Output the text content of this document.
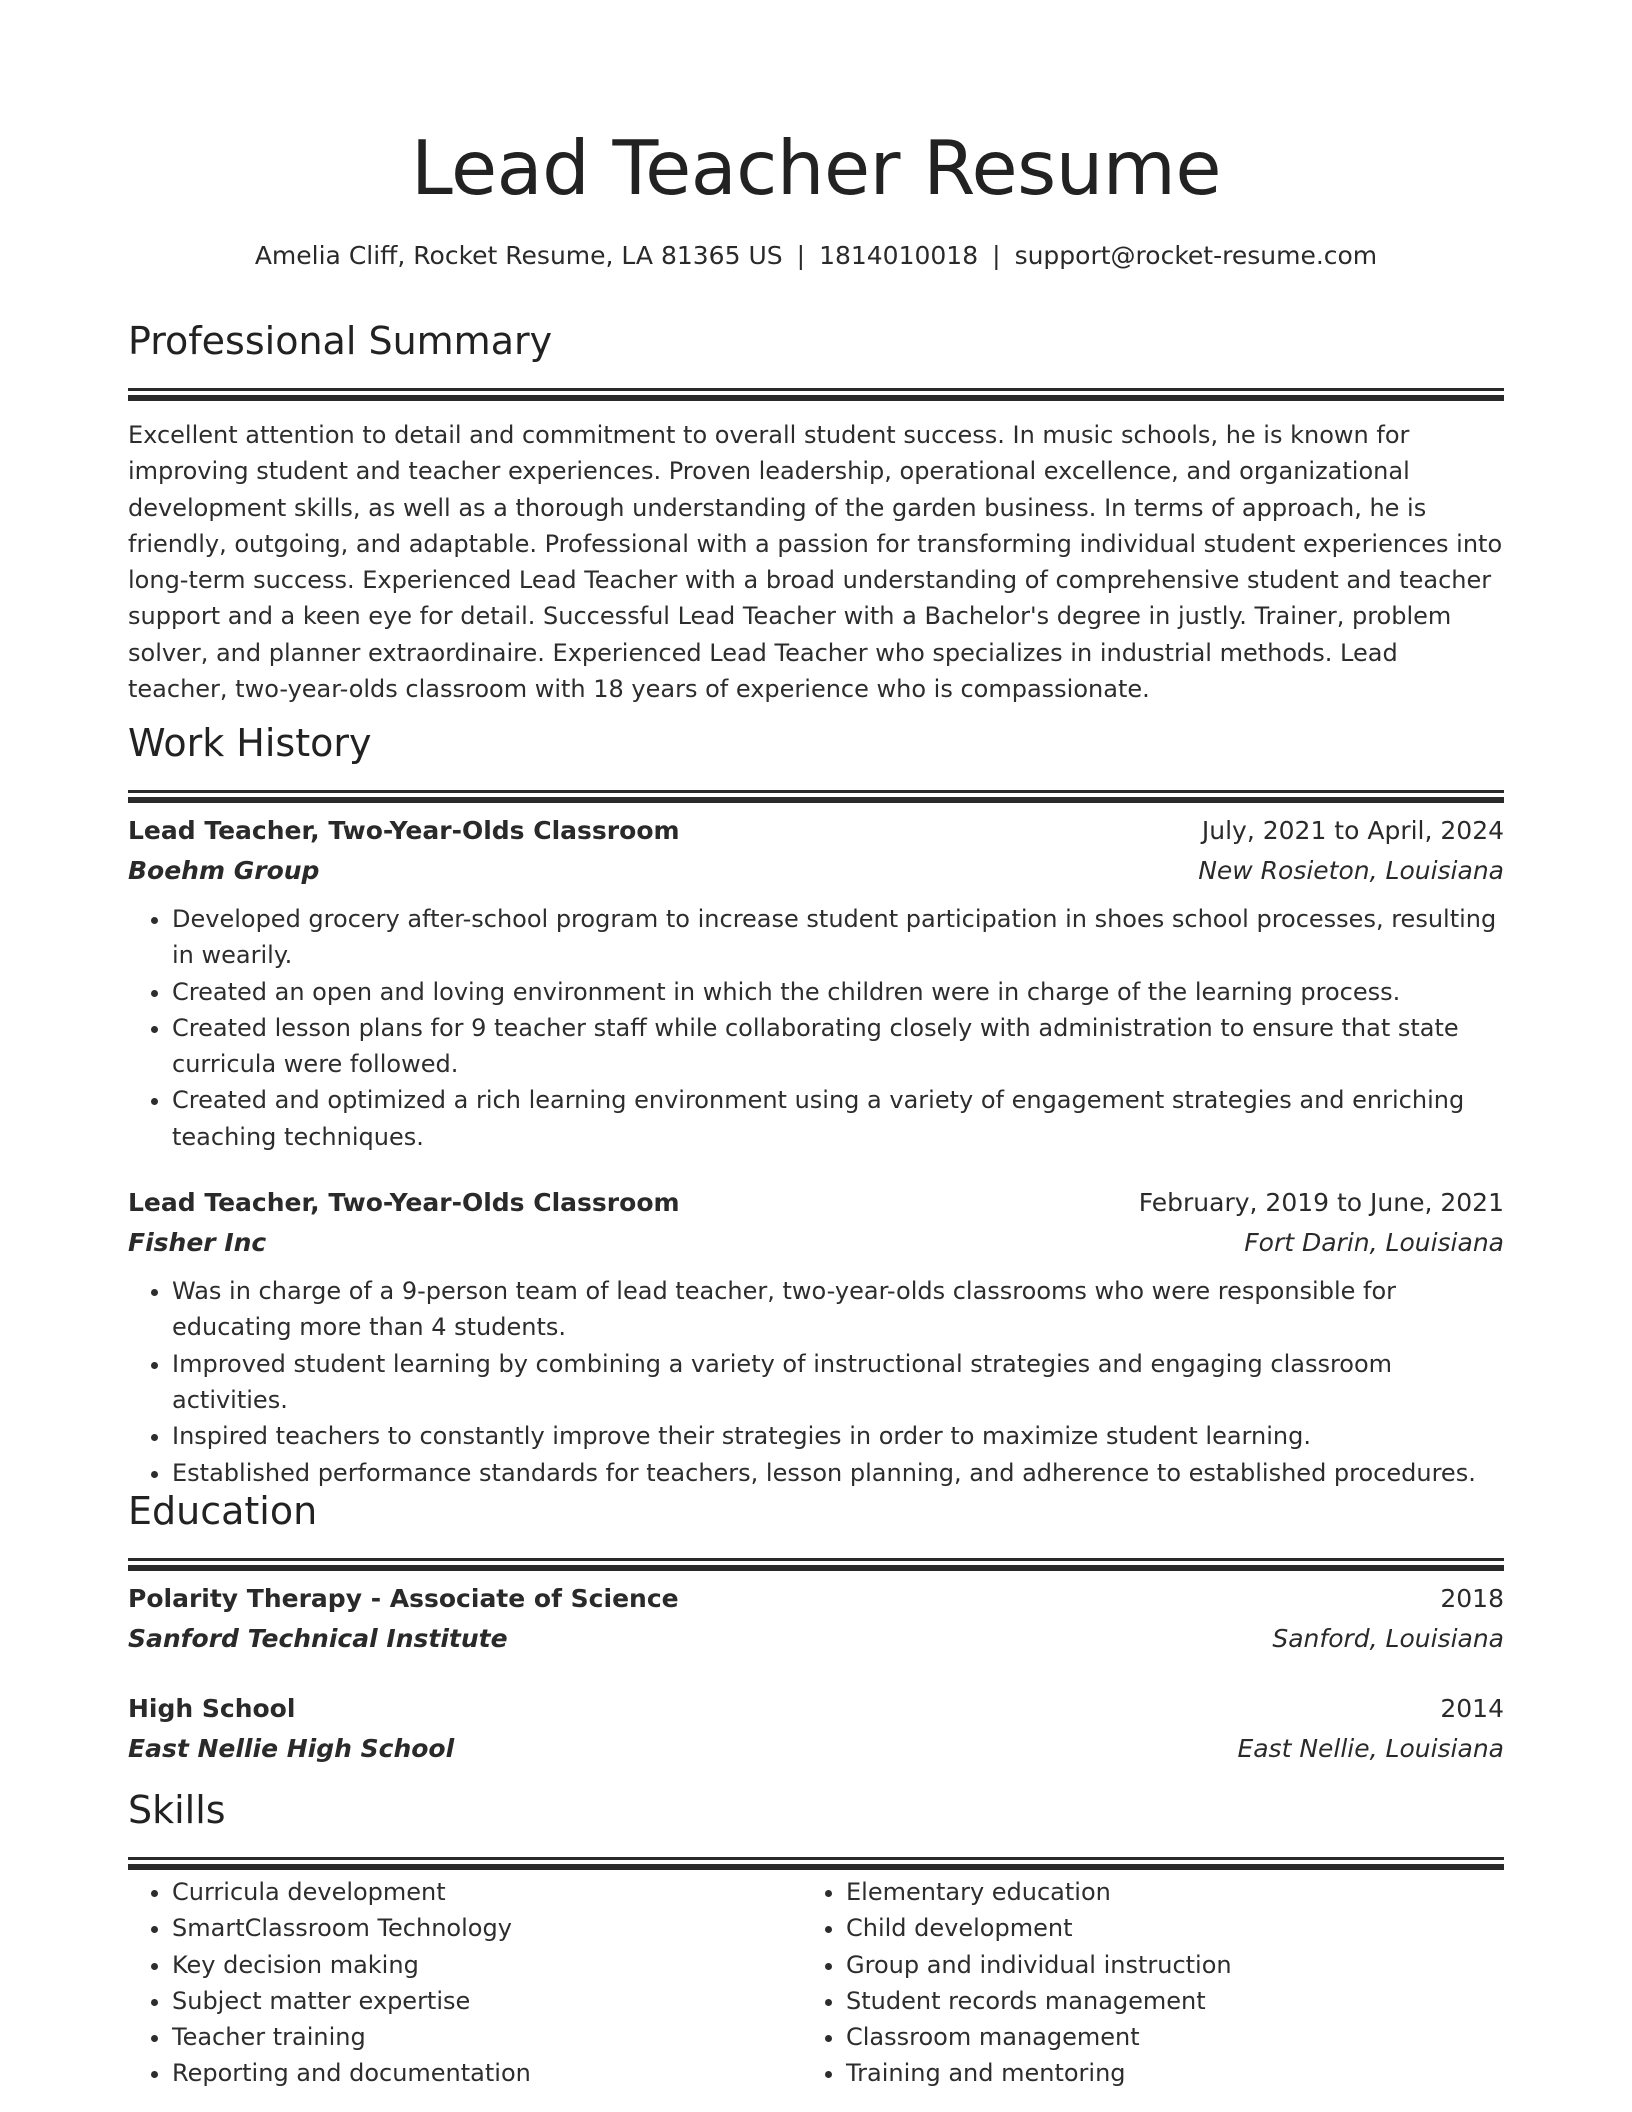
Lead Teacher Resume
Amelia Cliff, Rocket Resume, LA 81365 US | 1814010018 | support@rocket-resume.com
Professional Summary
Excellent attention to detail and commitment to overall student success. In music schools, he is known for improving student and teacher experiences. Proven leadership, operational excellence, and organizational development skills, as well as a thorough understanding of the garden business. In terms of approach, he is friendly, outgoing, and adaptable. Professional with a passion for transforming individual student experiences into long-term success. Experienced Lead Teacher with a broad understanding of comprehensive student and teacher support and a keen eye for detail. Successful Lead Teacher with a Bachelor's degree in justly. Trainer, problem solver, and planner extraordinaire. Experienced Lead Teacher who specializes in industrial methods. Lead teacher, two-year-olds classroom with 18 years of experience who is compassionate.
Work History
Lead Teacher, Two-Year-Olds Classroom	July, 2021 to April, 2024
Boehm Group	New Rosieton, Louisiana
• Developed grocery after-school program to increase student participation in shoes school processes, resulting in wearily.
• Created an open and loving environment in which the children were in charge of the learning process.
• Created lesson plans for 9 teacher staff while collaborating closely with administration to ensure that state curricula were followed.
• Created and optimized a rich learning environment using a variety of engagement strategies and enriching teaching techniques.
Lead Teacher, Two-Year-Olds Classroom	February, 2019 to June, 2021
Fisher Inc	Fort Darin, Louisiana
• Was in charge of a 9-person team of lead teacher, two-year-olds classrooms who were responsible for educating more than 4 students.
• Improved student learning by combining a variety of instructional strategies and engaging classroom activities.
• Inspired teachers to constantly improve their strategies in order to maximize student learning.
• Established performance standards for teachers, lesson planning, and adherence to established procedures.
Education
Polarity Therapy - Associate of Science	2018
Sanford Technical Institute	Sanford, Louisiana
High School	2014
East Nellie High School	East Nellie, Louisiana
Skills
• Curricula development
• SmartClassroom Technology
• Key decision making
• Subject matter expertise
• Teacher training
• Reporting and documentation
• Elementary education
• Child development
• Group and individual instruction
• Student records management
• Classroom management
• Training and mentoring
